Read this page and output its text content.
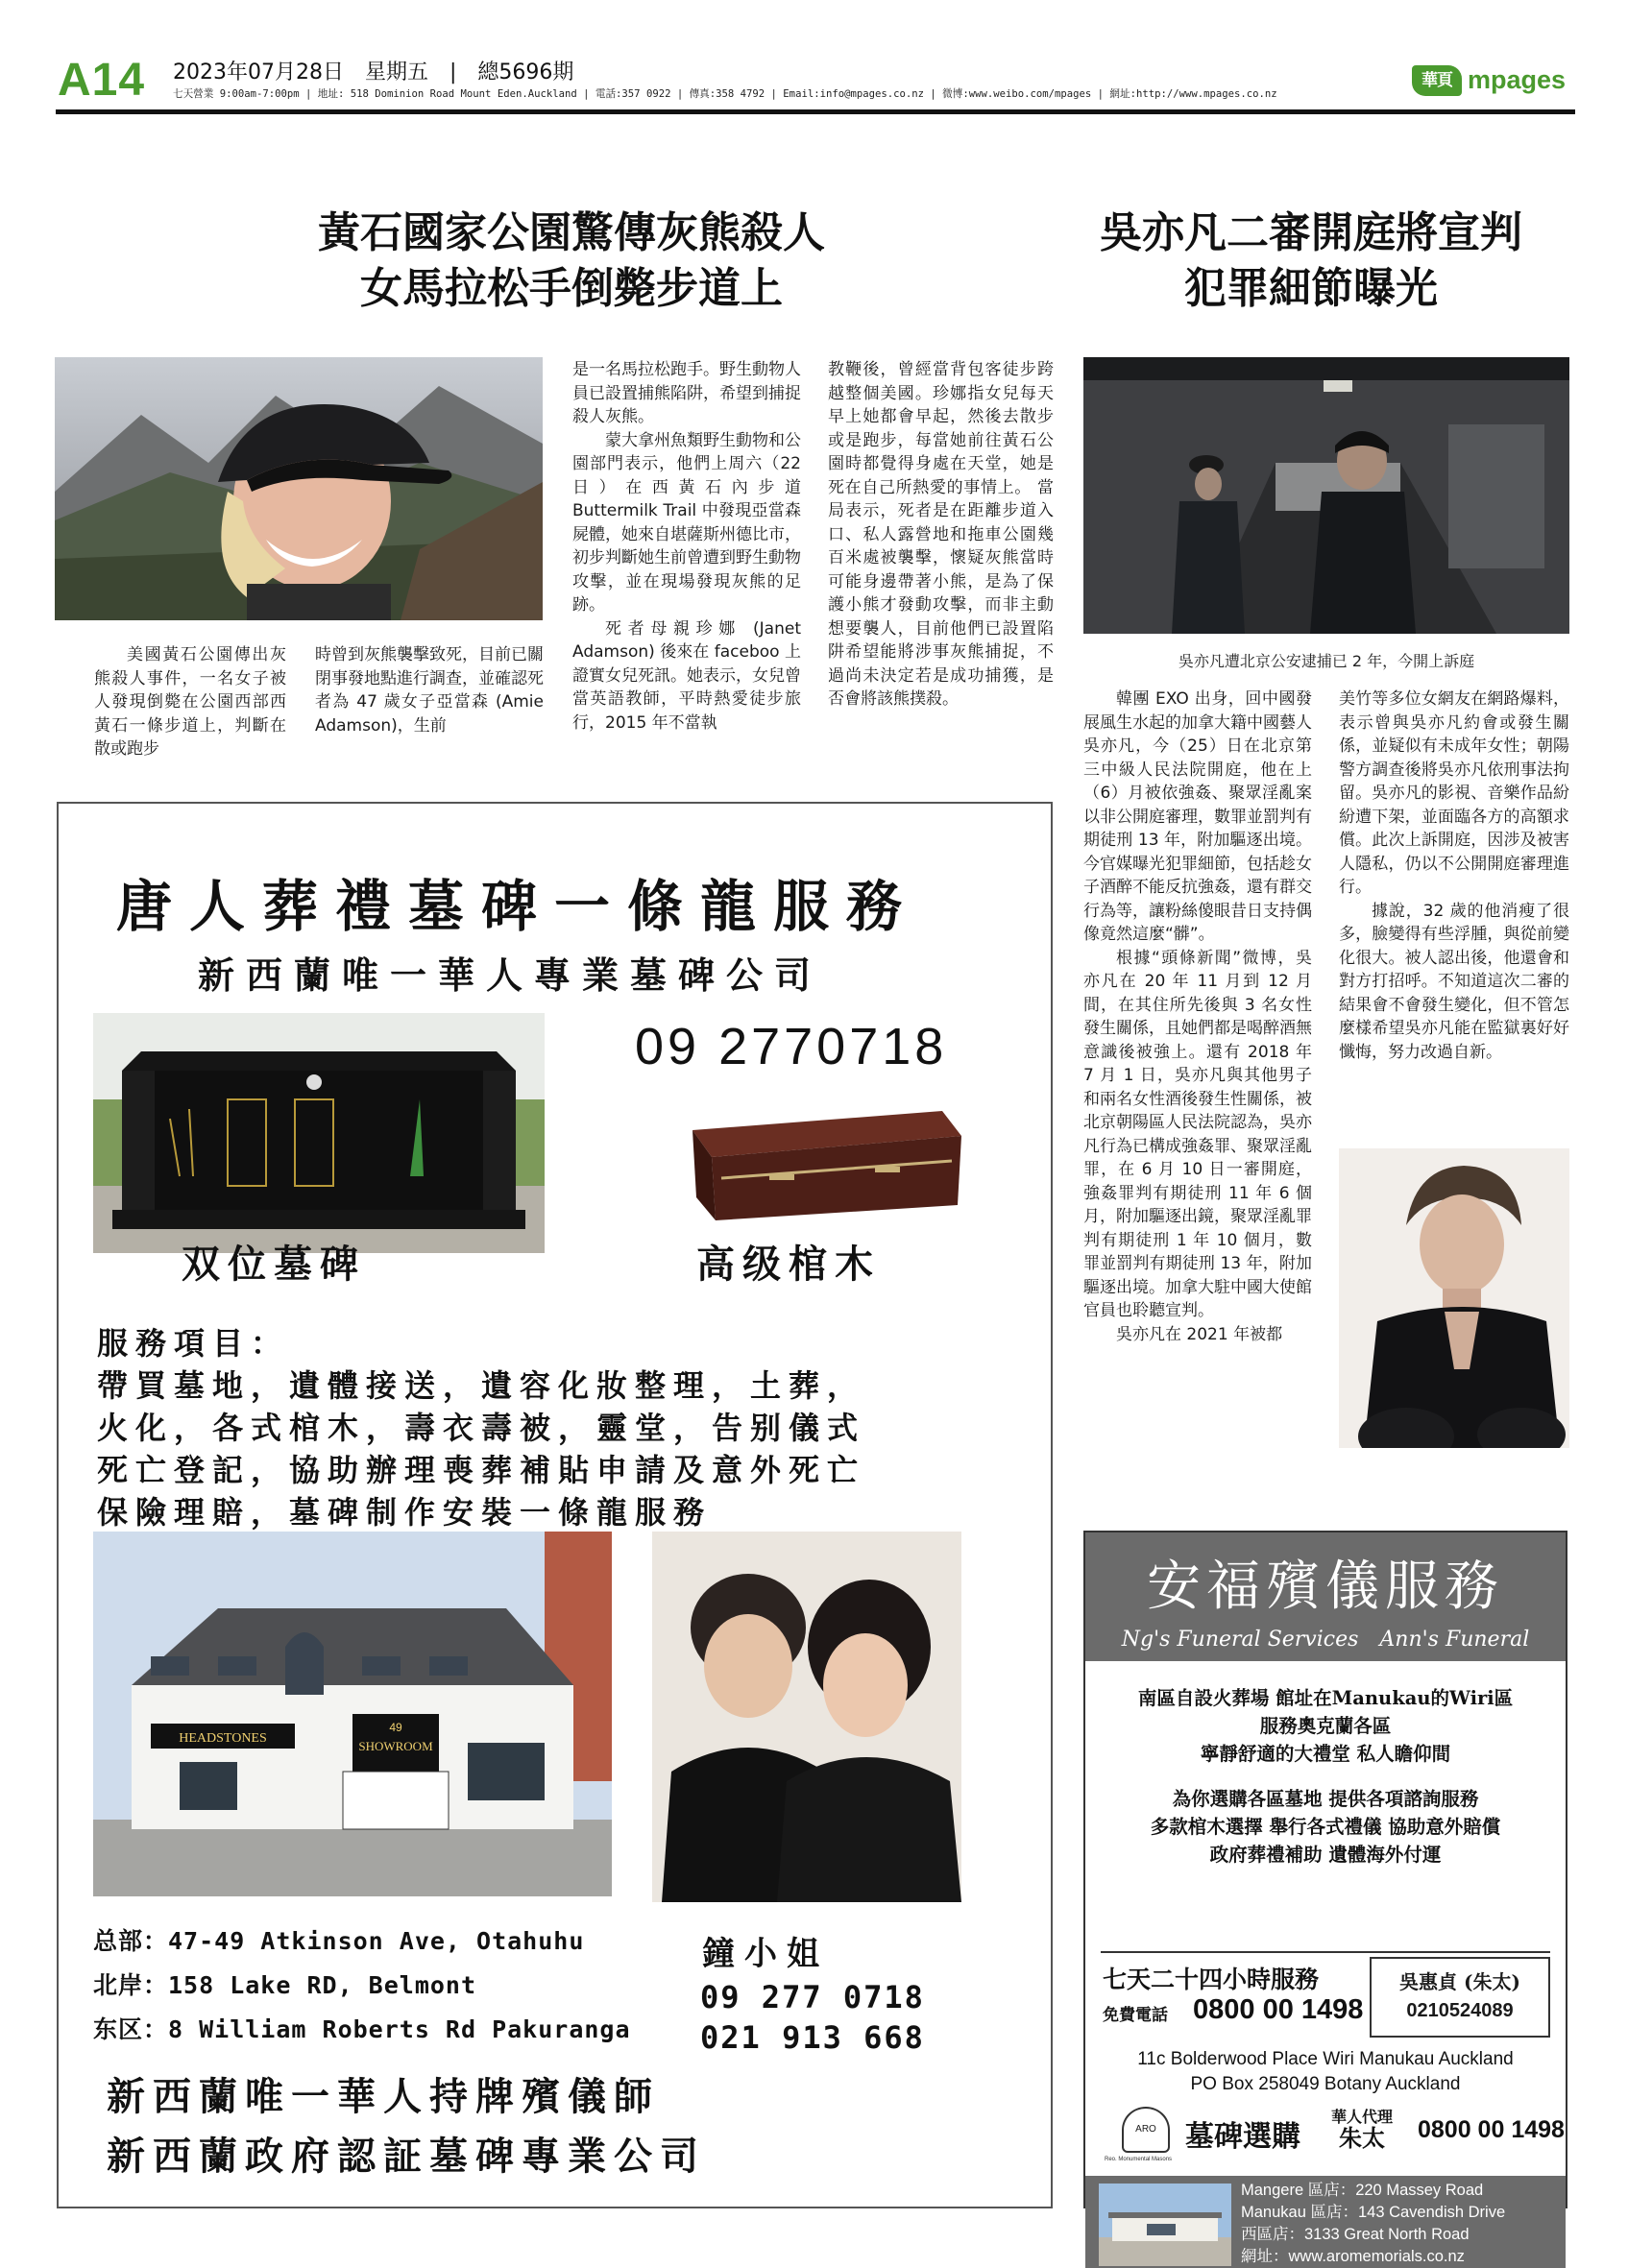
A14 2023年07月28日　星期五　|　總5696期
七天營業 9:00am-7:00pm | 地址: 518 Dominion Road Mount Eden.Auckland | 電話:357 0922 | 傳真:358 4792 | Email:info@mpages.co.nz | 微博:www.weibo.com/mpages | 網址:http://www.mpages.co.nz
華頁 mpages
黃石國家公園驚傳灰熊殺人
女馬拉松手倒斃步道上

美國黃石公園傳出灰熊殺人事件，一名女子被人發現倒斃在公園西部西黃石一條步道上，判斷在散或跑步

時曾到灰熊襲擊致死，目前已關閉事發地點進行調查，並確認死者為 47 歲女子亞當森 (Amie Adamson)，生前

是一名馬拉松跑手。野生動物人員已設置捕熊陷阱，希望到捕捉殺人灰熊。

蒙大拿州魚類野生動物和公園部門表示，他們上周六（22 日）在西黃石內步道 Buttermilk Trail 中發現亞當森屍體，她來自堪薩斯州德比市，初步判斷她生前曾遭到野生動物攻擊，並在現場發現灰熊的足跡。

死者母親珍娜 (Janet Adamson) 後來在 faceboo 上證實女兒死訊。她表示，女兒曾當英語教師，平時熱愛徒步旅行，2015 年不當執

教鞭後，曾經當背包客徒步跨越整個美國。珍娜指女兒每天早上她都會早起，然後去散步或是跑步，每當她前往黃石公園時都覺得身處在天堂，她是死在自己所熱愛的事情上。 當局表示，死者是在距離步道入口、私人露營地和拖車公園幾百米處被襲擊，懷疑灰熊當時可能身邊帶著小熊，是為了保護小熊才發動攻擊，而非主動想要襲人，目前他們已設置陷阱希望能將涉事灰熊捕捉，不過尚未決定若是成功捕獲，是否會將該熊撲殺。

吳亦凡二審開庭將宣判
犯罪細節曝光
吳亦凡遭北京公安逮捕已 2 年，今開上訴庭

韓團 EXO 出身，回中國發展風生水起的加拿大籍中國藝人吳亦凡，今（25）日在北京第三中級人民法院開庭，他在上（6）月被依強姦、聚眾淫亂案以非公開庭審理，數罪並罰判有期徒刑 13 年，附加驅逐出境。今官媒曝光犯罪細節，包括趁女子酒醉不能反抗強姦，還有群交行為等，讓粉絲傻眼昔日支持偶像竟然這麼“髒”。

根據“頭條新聞”微博，吳亦凡在 20 年 11 月到 12 月間，在其住所先後與 3 名女性發生關係，且她們都是喝醉酒無意識後被強上。還有 2018 年 7 月 1 日，吳亦凡與其他男子和兩名女性酒後發生性關係，被北京朝陽區人民法院認為，吳亦凡行為已構成強姦罪、聚眾淫亂罪，在 6 月 10 日一審開庭，強姦罪判有期徒刑 11 年 6 個月，附加驅逐出鏡，聚眾淫亂罪判有期徒刑 1 年 10 個月，數罪並罰判有期徒刑 13 年，附加驅逐出境。加拿大駐中國大使館官員也聆聽宣判。

吳亦凡在 2021 年被都

美竹等多位女網友在網路爆料，表示曾與吳亦凡約會或發生關係，並疑似有未成年女性；朝陽警方調查後將吳亦凡依刑事法拘留。吳亦凡的影視、音樂作品紛紛遭下架，並面臨各方的高額求償。此次上訴開庭，因涉及被害人隱私，仍以不公開開庭審理進行。

據說，32 歲的他消瘦了很多，臉變得有些浮腫，與從前變化很大。被人認出後，他還會和對方打招呼。不知道這次二審的結果會不會發生變化，但不管怎麼樣希望吳亦凡能在監獄裏好好懺悔，努力改過自新。

唐人葬禮墓碑一條龍服務
新西蘭唯一華人專業墓碑公司
09 2770718
双位墓碑	高级棺木
服務項目：
帶買墓地，遺體接送，遺容化妝整理，土葬，
火化，各式棺木，壽衣壽被，靈堂，告别儀式
死亡登記，協助辦理喪葬補貼申請及意外死亡
保險理賠，墓碑制作安裝一條龍服務
HEADSTONES
49
SHOWROOM
总部：47-49 Atkinson Ave, Otahuhu
北岸：158 Lake RD, Belmont
东区：8 William Roberts Rd Pakuranga
鐘小姐
09 277 0718
021 913 668
新西蘭唯一華人持牌殯儀師
新西蘭政府認証墓碑專業公司
安福殯儀服務
Ng's Funeral Services　Ann's Funeral
南區自設火葬場 館址在Manukau的Wiri區
服務奧克蘭各區
寧靜舒適的大禮堂 私人瞻仰間
為你選購各區墓地 提供各項諮詢服務
多款棺木選擇 舉行各式禮儀 協助意外賠償
政府葬禮補助 遺體海外付運
七天二十四小時服務
免費電話 0800 00 1498
吳惠貞 (朱太)
0210524089
11c Bolderwood Place Wiri Manukau Auckland
PO Box 258049 Botany Auckland
ARO
Reo. Monumental Masons
墓碑選購
華人代理
朱太	0800 00 1498
Mangere 區店：220 Massey Road
Manukau 區店：143 Cavendish Drive
西區店：3133 Great North Road
網址：www.aromemorials.co.nz
